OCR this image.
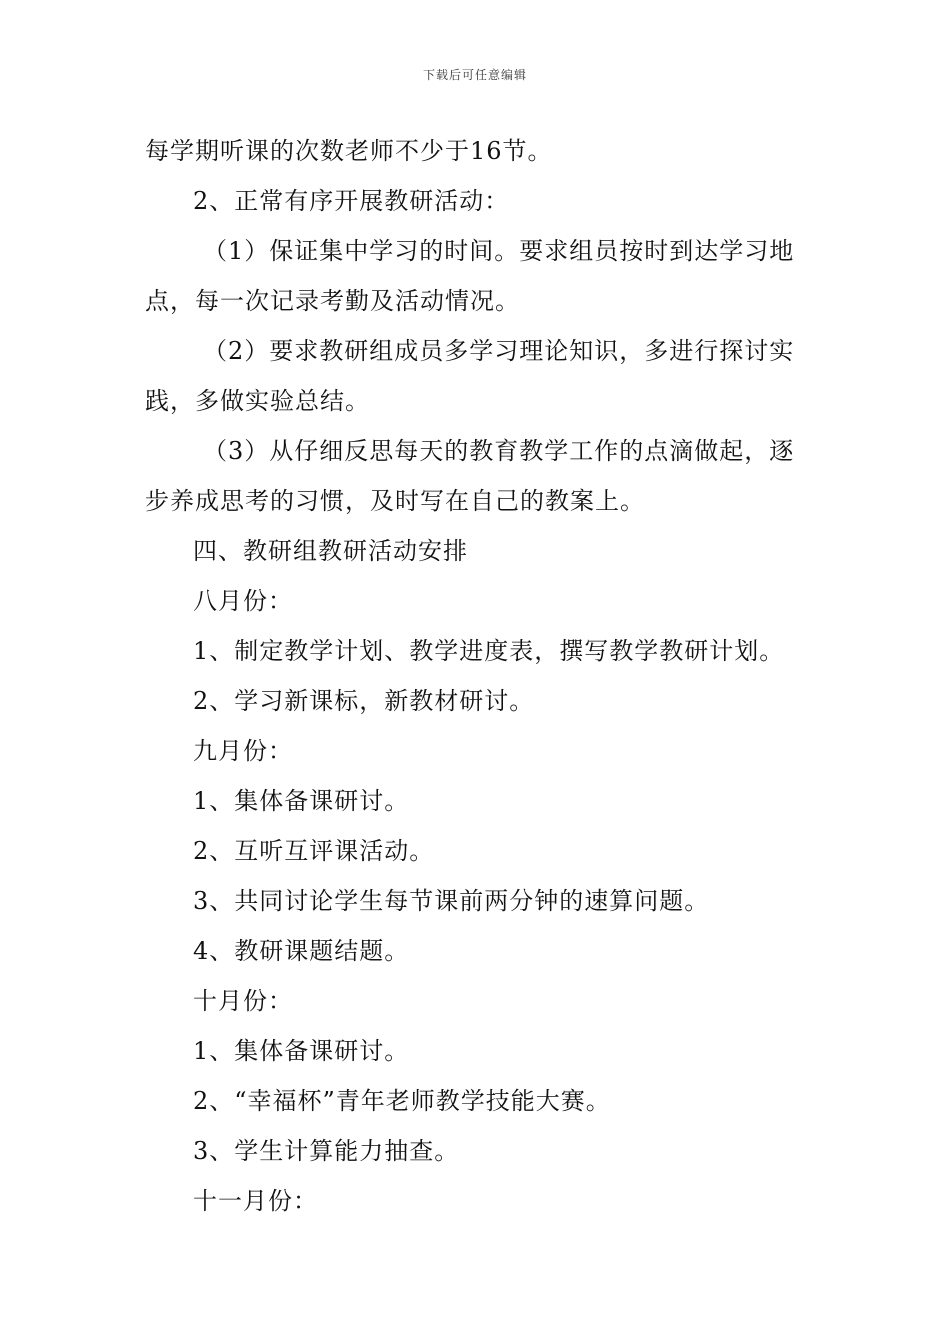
下载后可任意编辑
每学期听课的次数老师不少于16节。
2、正常有序开展教研活动：
（1）保证集中学习的时间。要求组员按时到达学习地
点，每一次记录考勤及活动情况。
（2）要求教研组成员多学习理论知识，多进行探讨实
践，多做实验总结。
（3）从仔细反思每天的教育教学工作的点滴做起，逐
步养成思考的习惯，及时写在自己的教案上。
四、教研组教研活动安排
八月份：
1、制定教学计划、教学进度表，撰写教学教研计划。
2、学习新课标，新教材研讨。
九月份：
1、集体备课研讨。
2、互听互评课活动。
3、共同讨论学生每节课前两分钟的速算问题。
4、教研课题结题。
十月份：
1、集体备课研讨。
2、“幸福杯”青年老师教学技能大赛。
3、学生计算能力抽查。
十一月份：
